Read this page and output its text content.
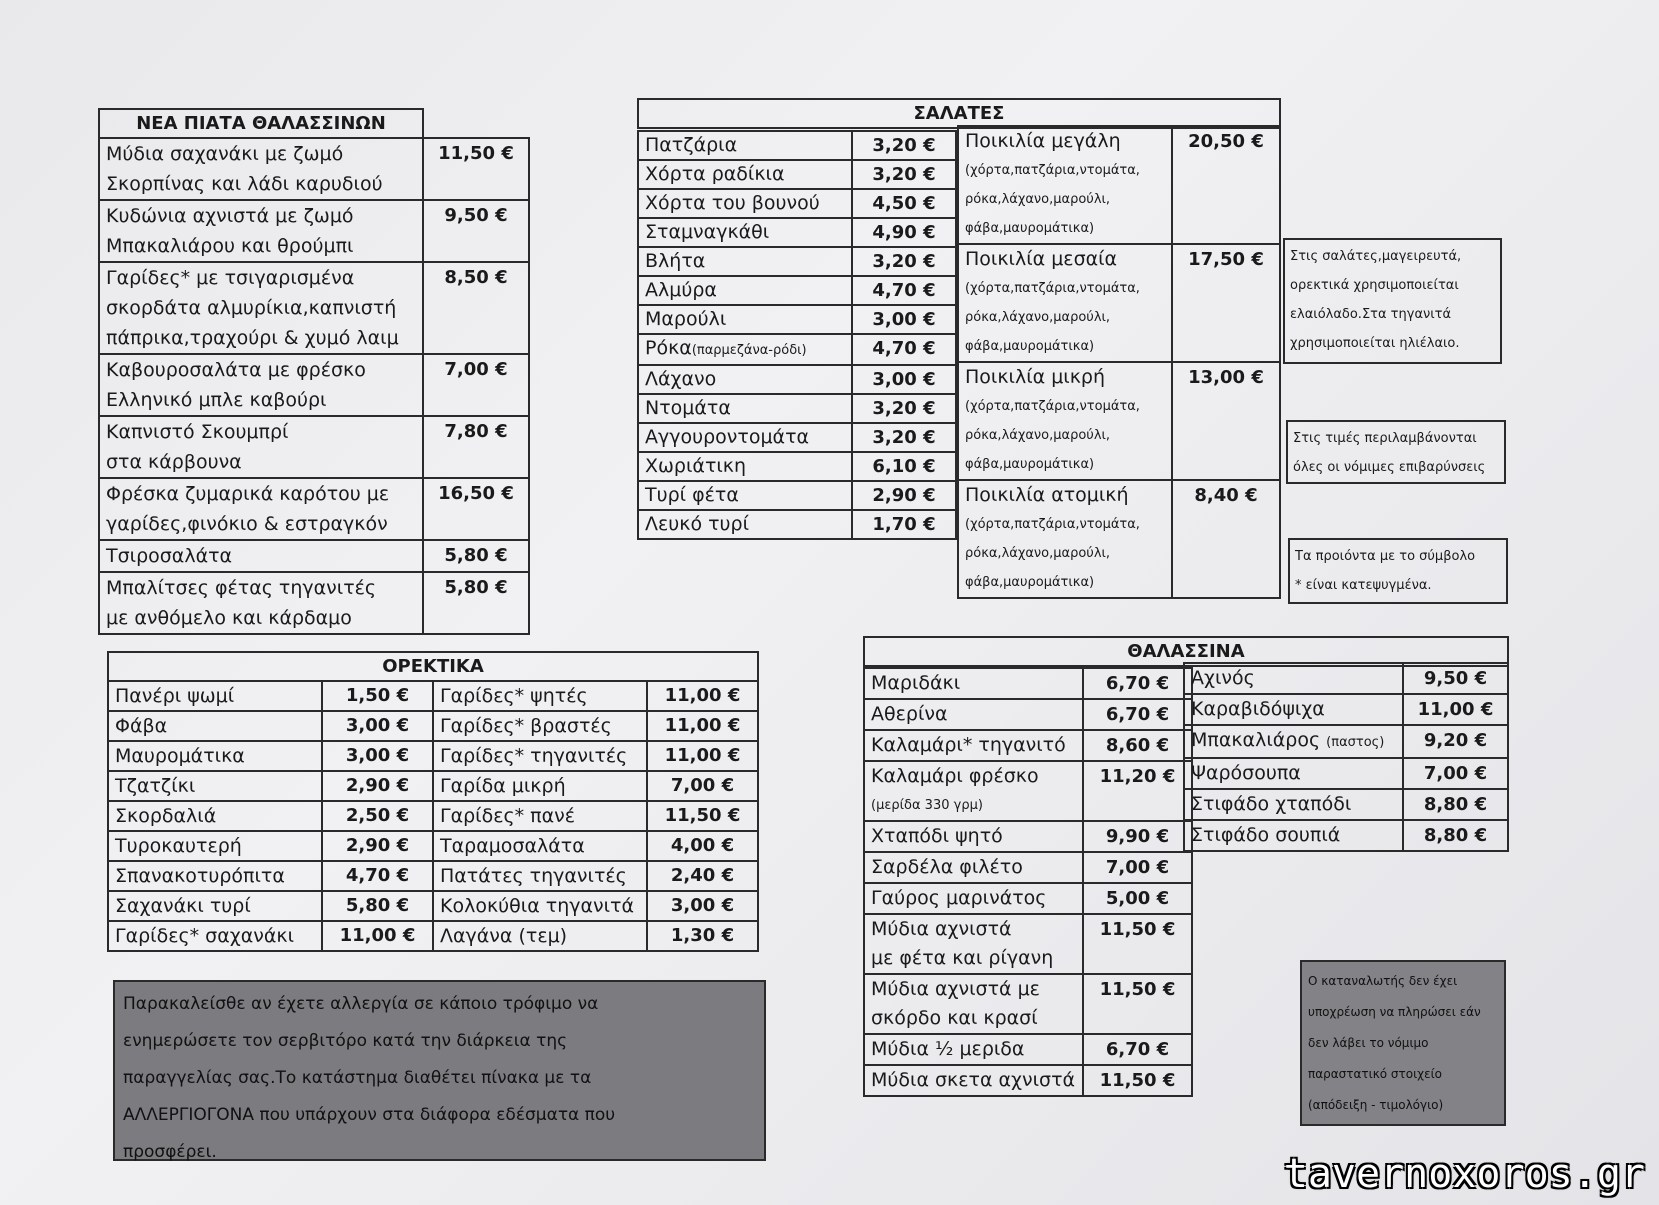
ΝΕΑ ΠΙΑΤΑ ΘΑΛΑΣΣΙΝΩΝ	

Μύδια σαχανάκι με ζωμό
Σκορπίνας και λάδι καρυδιού	11,50 €

Κυδώνια αχνιστά με ζωμό
Μπακαλιάρου και θρούμπι	9,50 €

Γαρίδες* με τσιγαρισμένα
σκορδάτα αλμυρίκια,καπνιστή
πάπρικα,τραχούρι & χυμό λαιμ	8,50 €

Καβουροσαλάτα με φρέσκο
Ελληνικό μπλε καβούρι	7,00 €

Καπνιστό Σκουμπρί
στα κάρβουνα	7,80 €

Φρέσκα ζυμαρικά καρότου με
γαρίδες,φινόκιο & εστραγκόν	16,50 €

Τσιροσαλάτα	5,80 €

Μπαλίτσες φέτας τηγανιτές
με ανθόμελο και κάρδαμο	5,80 €
ΣΑΛΑΤΕΣ
Πατζάρια	3,20 €
Χόρτα ραδίκια	3,20 €
Χόρτα του βουνού	4,50 €
Σταμναγκάθι	4,90 €
Βλήτα	3,20 €
Αλμύρα	4,70 €
Μαρούλι	3,00 €
Ρόκα(παρμεζάνα-ρόδι)	4,70 €
Λάχανο	3,00 €
Ντομάτα	3,20 €
Αγγουροντομάτα	3,20 €
Χωριάτικη	6,10 €
Τυρί φέτα	2,90 €
Λευκό τυρί	1,70 €
Ποικιλία μεγάλη
(χόρτα,πατζάρια,ντομάτα,
ρόκα,λάχανο,μαρούλι,
φάβα,μαυρομάτικα)	20,50 €

Ποικιλία μεσαία
(χόρτα,πατζάρια,ντομάτα,
ρόκα,λάχανο,μαρούλι,
φάβα,μαυρομάτικα)	17,50 €

Ποικιλία μικρή
(χόρτα,πατζάρια,ντομάτα,
ρόκα,λάχανο,μαρούλι,
φάβα,μαυρομάτικα)	13,00 €

Ποικιλία ατομική
(χόρτα,πατζάρια,ντομάτα,
ρόκα,λάχανο,μαρούλι,
φάβα,μαυρομάτικα)	8,40 €
Στις σαλάτες,μαγειρευτά,
ορεκτικά χρησιμοποιείται
ελαιόλαδο.Στα τηγανιτά
χρησιμοποιείται ηλιέλαιο.
Στις τιμές περιλαμβάνονται
όλες οι νόμιμες επιβαρύνσεις
Τα προιόντα με το σύμβολο
* είναι κατεψυγμένα.
ΟΡΕΚΤΙΚΑ			
Πανέρι ψωμί	1,50 €	Γαρίδες* ψητές	11,00 €
Φάβα	3,00 €	Γαρίδες* βραστές	11,00 €
Μαυρομάτικα	3,00 €	Γαρίδες* τηγανιτές	11,00 €
Τζατζίκι	2,90 €	Γαρίδα μικρή	7,00 €
Σκορδαλιά	2,50 €	Γαρίδες* πανέ	11,50 €
Τυροκαυτερή	2,90 €	Ταραμοσαλάτα	4,00 €
Σπανακοτυρόπιτα	4,70 €	Πατάτες τηγανιτές	2,40 €
Σαχανάκι τυρί	5,80 €	Κολοκύθια τηγανιτά	3,00 €
Γαρίδες* σαχανάκι	11,00 €	Λαγάνα (τεμ)	1,30 €
ΘΑΛΑΣΣΙΝΑ
Μαριδάκι	6,70 €

Αθερίνα	6,70 €

Καλαμάρι* τηγανιτό	8,60 €

Καλαμάρι φρέσκο
(μερίδα 330 γρμ)	11,20 €

Χταπόδι ψητό	9,90 €

Σαρδέλα φιλέτο	7,00 €

Γαύρος μαρινάτος	5,00 €

Μύδια αχνιστά
με φέτα και ρίγανη	11,50 €

Μύδια αχνιστά με
σκόρδο και κρασί	11,50 €

Μύδια ½ μεριδα	6,70 €

Μύδια σκετα αχνιστά	11,50 €
Αχινός	9,50 €
Καραβιδόψιχα	11,00 €
Μπακαλιάρος (παστος)	9,20 €
Ψαρόσουπα	7,00 €
Στιφάδο χταπόδι	8,80 €
Στιφάδο σουπιά	8,80 €
Παρακαλείσθε αν έχετε αλλεργία σε κάποιο τρόφιμο να
ενημερώσετε τον σερβιτόρο κατά την διάρκεια της
παραγγελίας σας.Το κατάστημα διαθέτει πίνακα με τα
ΑΛΛΕΡΓΙΟΓΟΝΑ που υπάρχουν στα διάφορα εδέσματα που
προσφέρει.
Ο καταναλωτής δεν έχει
υποχρέωση να πληρώσει εάν
δεν λάβει το νόμιμο
παραστατικό στοιχείο
(απόδειξη - τιμολόγιο)
tavernoxoros.gr
